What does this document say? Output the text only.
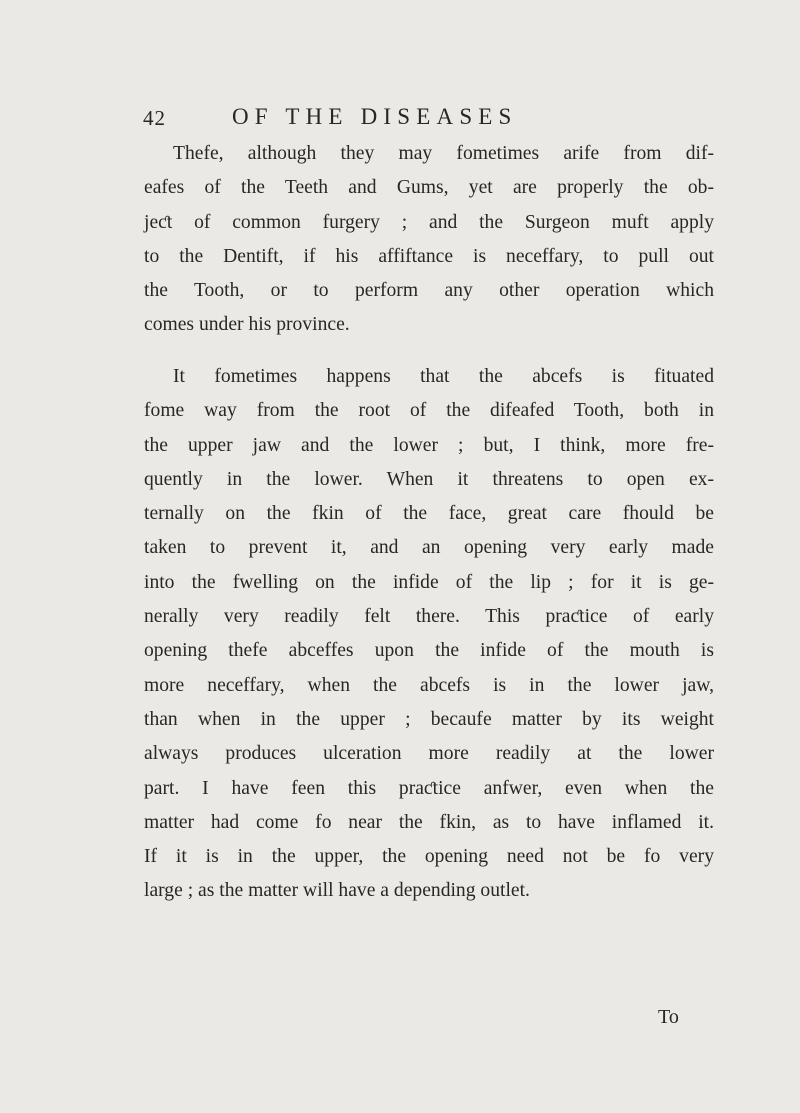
42	OF THE DISEASES
Thefe, although they may fometimes arife from dif-
eafes of the Teeth and Gums, yet are properly the ob-
jeƈt of common furgery ; and the Surgeon muft apply
to the Dentift, if his affiftance is neceffary, to pull out
the Tooth, or to perform any other operation which
comes under his province.
It fometimes happens that the abcefs is fituated
fome way from the root of the difeafed Tooth, both in
the upper jaw and the lower ; but, I think, more fre-
quently in the lower. When it threatens to open ex-
ternally on the fkin of the face, great care fhould be
taken to prevent it, and an opening very early made
into the fwelling on the infide of the lip ; for it is ge-
nerally very readily felt there. This praƈtice of early
opening thefe abceffes upon the infide of the mouth is
more neceffary, when the abcefs is in the lower jaw,
than when in the upper ; becaufe matter by its weight
always produces ulceration more readily at the lower
part. I have feen this praƈtice anfwer, even when the
matter had come fo near the fkin, as to have inflamed it.
If it is in the upper, the opening need not be fo very
large ; as the matter will have a depending outlet.
To
